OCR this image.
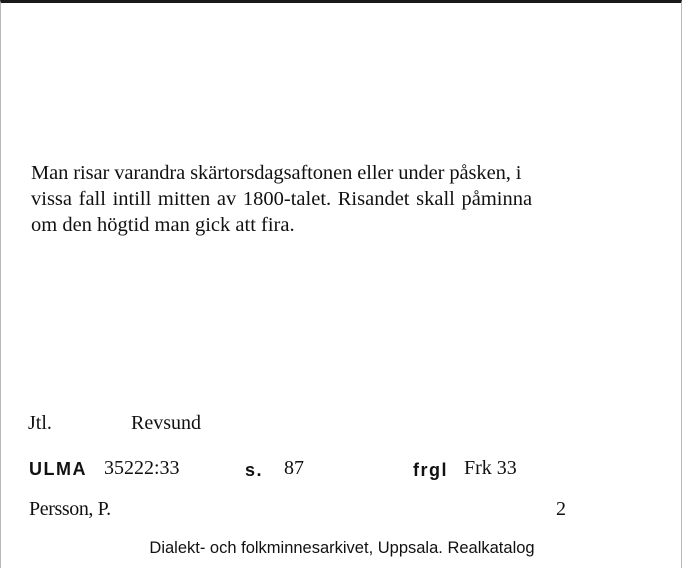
Man risar varandra skärtorsdagsaftonen eller under påsken, i
vissa fall intill mitten av 1800-talet. Risandet skall påminna
om den högtid man gick att fira.

Jtl.	Revsund
ULMA 35222:33	s. 87	frgl Frk 33
Persson, P.	2
Dialekt- och folkminnesarkivet, Uppsala. Realkatalog
